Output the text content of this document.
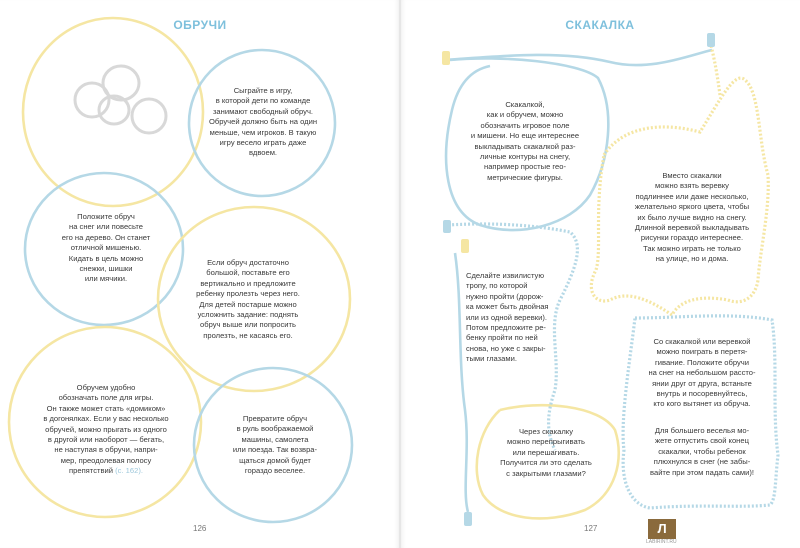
ОБРУЧИ	СКАКАЛКА
Сыграйте в игру,
в которой дети по команде
занимают свободный обруч.
Обручей должно быть на один
меньше, чем игроков. В такую
игру весело играть даже
вдвоем.
Положите обруч
на снег или повесьте
его на дерево. Он станет
отличной мишенью.
Кидать в цель можно
снежки, шишки
или мячики.
Если обруч достаточно
большой, поставьте его
вертикально и предложите
ребенку пролезть через него.
Для детей постарше можно
усложнить задание: поднять
обруч выше или попросить
пролезть, не касаясь его.
Обручем удобно
обозначать поле для игры.
Он также может стать «домиком»
в догонялках. Если у вас несколько
обручей, можно прыгать из одного
в другой или наоборот — бегать,
не наступая в обручи, напри-
мер, преодолевая полосу
препятствий (с. 162).
Превратите обруч
в руль воображаемой
машины, самолета
или поезда. Так возвра-
щаться домой будет
гораздо веселее.
126
Скакалкой,
как и обручем, можно
обозначить игровое поле
и мишени. Но еще интереснее
выкладывать скакалкой раз-
личные контуры на снегу,
например простые гео-
метрические фигуры.	Вместо скакалки
можно взять веревку
подлиннее или даже несколько,
желательно яркого цвета, чтобы
их было лучше видно на снегу.
Длинной веревкой выкладывать
рисунки гораздо интереснее.
Так можно играть не только
на улице, но и дома.
Сделайте извилистую
тропу, по которой
нужно пройти (дорож-
ка может быть двойная
или из одной веревки).
Потом предложите ре-
бенку пройти по ней
снова, но уже с закры-
тыми глазами.
Со скакалкой или веревкой
можно поиграть в перетя-
гивание. Положите обручи
на снег на небольшом рассто-
янии друг от друга, встаньте
внутрь и посоревнуйтесь,
кто кого вытянет из обруча.
Для большего веселья мо-
жете отпустить свой конец
скакалки, чтобы ребенок
плюхнулся в снег (не забы-
вайте при этом падать сами)!
Через скакалку
можно перепрыгивать
или перешагивать.
Получится ли это сделать
с закрытыми глазами?
127	Л
LABIRINT.RU
